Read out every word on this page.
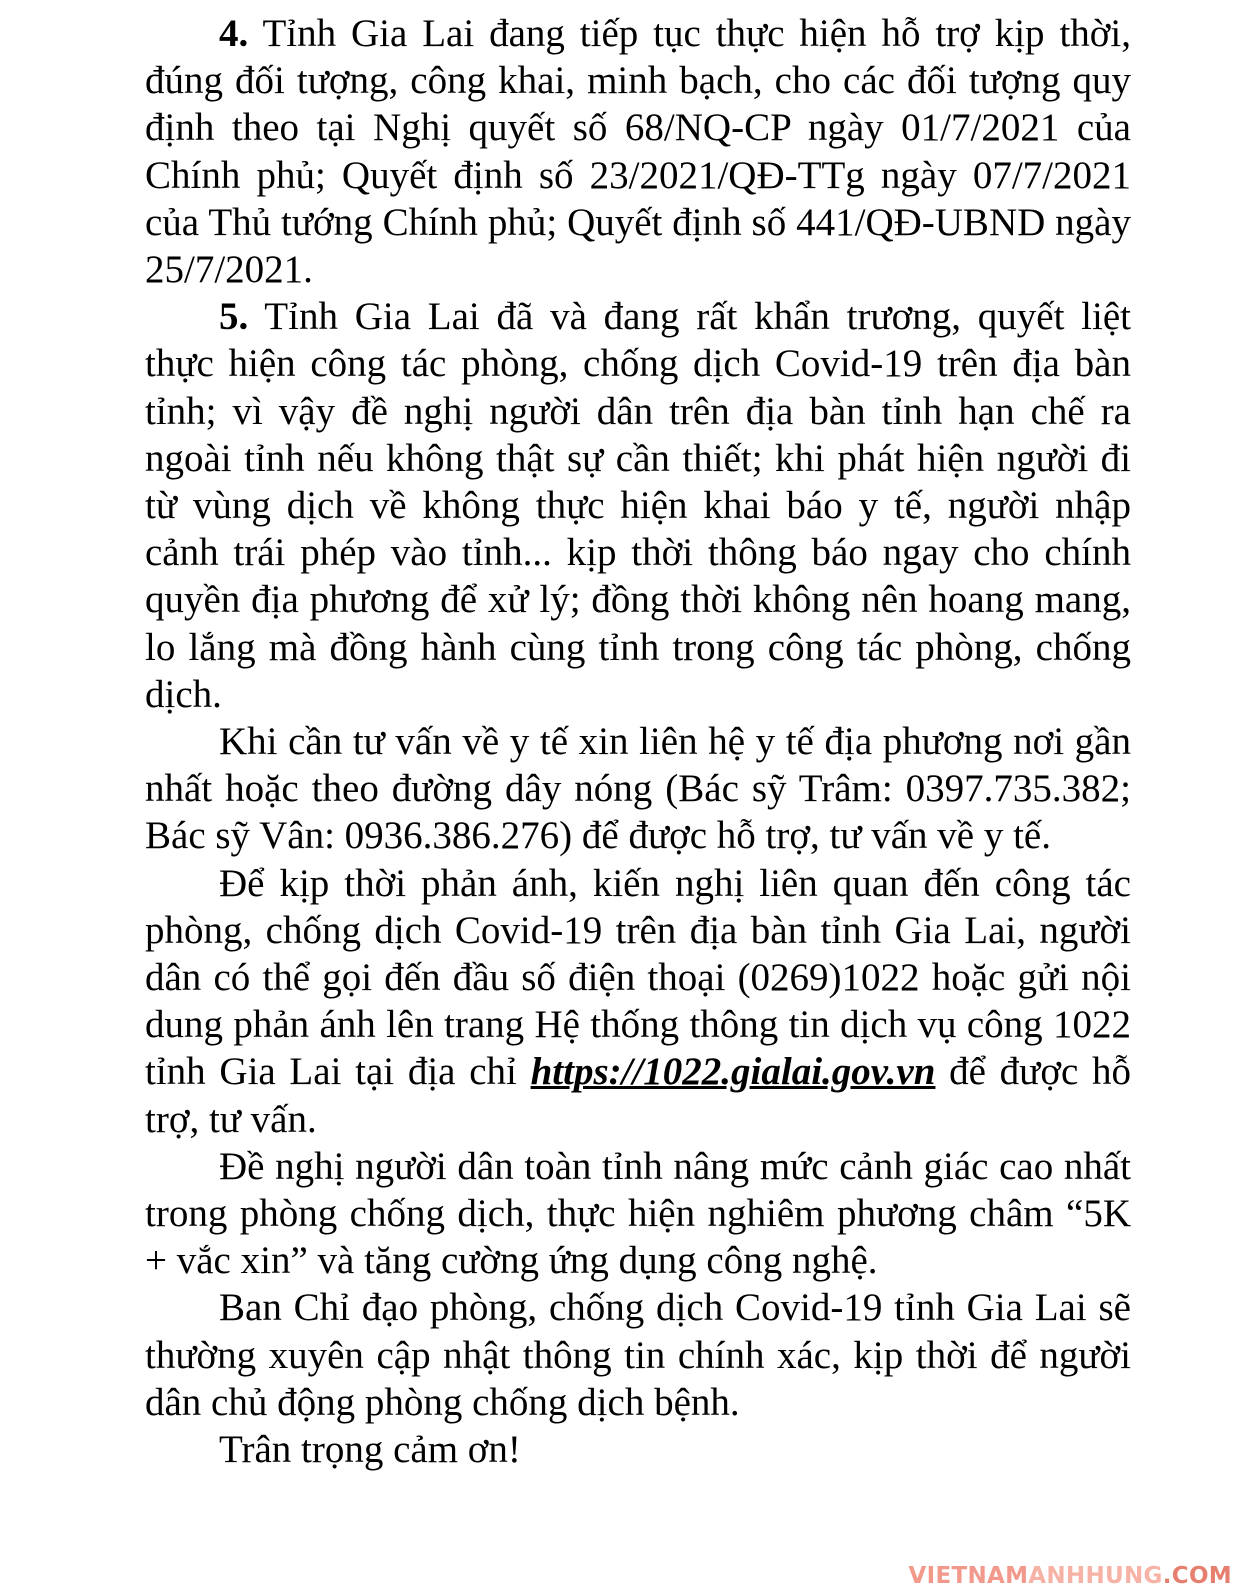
4. Tỉnh Gia Lai đang tiếp tục thực hiện hỗ trợ kịp thời, đúng đối tượng, công khai, minh bạch, cho các đối tượng quy định theo tại Nghị quyết số 68/NQ-CP ngày 01/7/2021 của Chính phủ; Quyết định số 23/2021/QĐ-TTg ngày 07/7/2021 của Thủ tướng Chính phủ; Quyết định số 441/QĐ-UBND ngày 25/7/2021.

5. Tỉnh Gia Lai đã và đang rất khẩn trương, quyết liệt thực hiện công tác phòng, chống dịch Covid-19 trên địa bàn tỉnh; vì vậy đề nghị người dân trên địa bàn tỉnh hạn chế ra ngoài tỉnh nếu không thật sự cần thiết; khi phát hiện người đi từ vùng dịch về không thực hiện khai báo y tế, người nhập cảnh trái phép vào tỉnh... kịp thời thông báo ngay cho chính quyền địa phương để xử lý; đồng thời không nên hoang mang, lo lắng mà đồng hành cùng tỉnh trong công tác phòng, chống dịch.

Khi cần tư vấn về y tế xin liên hệ y tế địa phương nơi gần nhất hoặc theo đường dây nóng (Bác sỹ Trâm: 0397.735.382; Bác sỹ Vân: 0936.386.276) để được hỗ trợ, tư vấn về y tế.

Để kịp thời phản ánh, kiến nghị liên quan đến công tác phòng, chống dịch Covid-19 trên địa bàn tỉnh Gia Lai, người dân có thể gọi đến đầu số điện thoại (0269)1022 hoặc gửi nội dung phản ánh lên trang Hệ thống thông tin dịch vụ công 1022 tỉnh Gia Lai tại địa chỉ https://1022.gialai.gov.vn để được hỗ trợ, tư vấn.

Đề nghị người dân toàn tỉnh nâng mức cảnh giác cao nhất trong phòng chống dịch, thực hiện nghiêm phương châm “5K + vắc xin” và tăng cường ứng dụng công nghệ.

Ban Chỉ đạo phòng, chống dịch Covid-19 tỉnh Gia Lai sẽ thường xuyên cập nhật thông tin chính xác, kịp thời để người dân chủ động phòng chống dịch bệnh.

Trân trọng cảm ơn!

VIETNAMANHHUNG.COM
